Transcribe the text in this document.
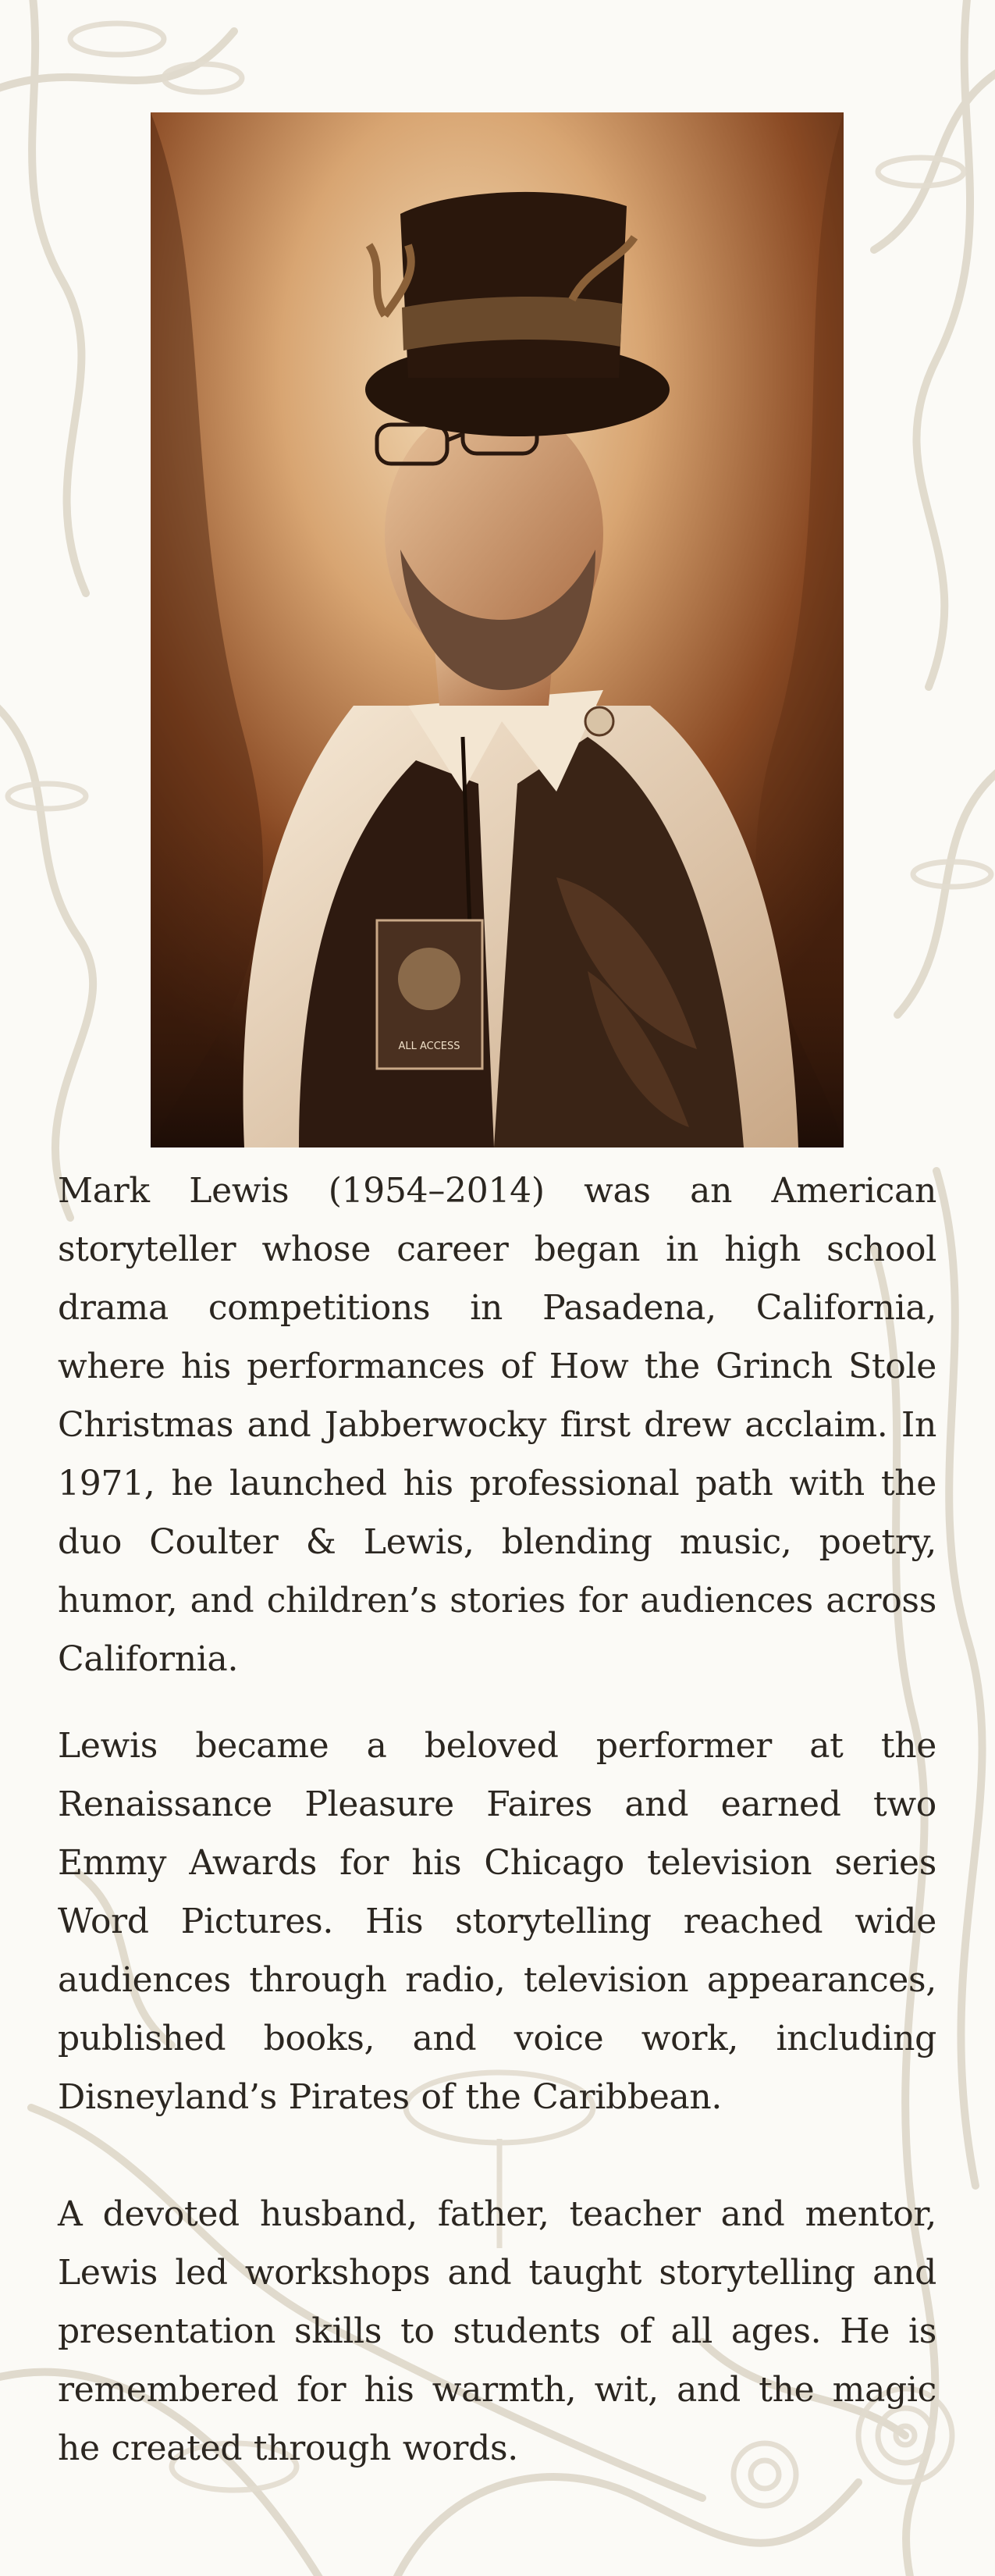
ALL ACCESS

Mark Lewis (1954–2014) was an American storyteller whose career began in high school drama competitions in Pasadena, California, where his performances of How the Grinch Stole Christmas and Jabberwocky first drew acclaim. In 1971, he launched his professional path with the duo Coulter & Lewis, blending music, poetry, humor, and children’s stories for audiences across California.

Lewis became a beloved performer at the Renaissance Pleasure Faires and earned two Emmy Awards for his Chicago television series Word Pictures. His storytelling reached wide audiences through radio, television appearances, published books, and voice work, including Disneyland’s Pirates of the Caribbean.

A devoted husband, father, teacher and mentor, Lewis led workshops and taught storytelling and presentation skills to students of all ages. He is remembered for his warmth, wit, and the magic he created through words.
